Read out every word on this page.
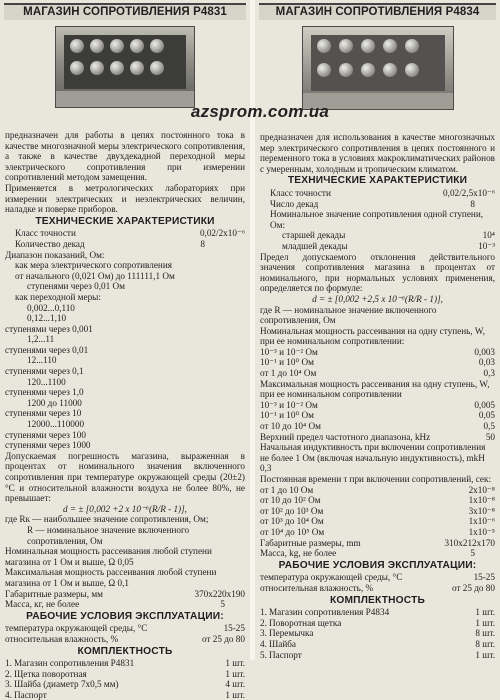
МАГАЗИН СОПРОТИВЛЕНИЯ Р4831
предназначен для работы в цепях постоянного тока в качестве многозначной меры электрического сопротивления, а также в качестве двухдекадной переходной меры электрического сопротивления при измерении сопротивлений методом замещения.
Применяется в метрологических лабораториях при измерении электрических и неэлектрических величин, наладке и поверке приборов.
ТЕХНИЧЕСКИЕ ХАРАКТЕРИСТИКИ
Класс точности	0,02/2x10⁻⁶
Количество декад	8
Диапазон показаний, Ом:
как мера электрического сопротивления
от начального (0,021 Ом) до 111111,1 Ом
ступенями через 0,01 Ом
как переходной меры:
0,002...0,110
0,12...1,10
ступенями через 0,001
1,2...11
ступенями через 0,01
12...110
ступенями через 0,1
120...1100
ступенями через 1,0
1200 до 11000
ступенями через 10
12000...110000
ступенями через 100
ступенями через 1000
Допускаемая погрешность магазина, выраженная в процентах от номинального значения включенного сопротивления при температуре окружающей среды (20±2) °С и относительной влажности воздуха не более 80%, не превышает:
d = ± [0,002 +2 x 10⁻⁶(R/R - 1)],
где Rк — наибольшее значение сопротивления, Ом;
R — номинальное значение включенного сопротивления, Ом
Номинальная мощность рассеивания любой ступени магазина от 1 Ом и выше, Ω 0,05
Максимальная мощность рассеивания любой ступени магазина от 1 Ом и выше, Ω 0,1
Габаритные размеры, мм	370x220x190
Масса, кг, не более	5
РАБОЧИЕ УСЛОВИЯ ЭКСПЛУАТАЦИИ:
температура окружающей среды, °С	15-25
относительная влажность, %	от 25 до 80
КОМПЛЕКТНОСТЬ
1.	Магазин сопротивления Р4831	1 шт.
2.	Щетка поворотная	1 шт.
3.	Шайба (диаметр 7x0,5 мм)	4 шт.
4.	Паспорт	1 шт.
МАГАЗИН СОПРОТИВЛЕНИЯ Р4834
предназначен для использования в качестве многозначных мер электрического сопротивления в цепях постоянного и переменного тока в условиях макроклиматических районов с умеренным, холодным и тропическим климатом.
ТЕХНИЧЕСКИЕ ХАРАКТЕРИСТИКИ
Класс точности	0,02/2,5x10⁻⁶
Число декад	8
Номинальное значение сопротивления одной ступени, Ом:
старшей декады	10⁴
младшей декады	10⁻³
Предел допускаемого отклонения действительного значения сопротивления магазина в процентах от номинального, при нормальных условиях применения, определяется по формуле:
d = ± [0,002 +2,5 x 10⁻⁶(R/R - 1)],
где R — номинальное значение включенного сопротивления, Ом
Номинальная мощность рассеивания на одну ступень, W, при ее номинальном сопротивлении:
10⁻³ и 10⁻² Ом	0,003
10⁻¹ и 10⁰ Ом	0,03
от 1 до 10⁴ Ом	0,3
Максимальная мощность рассеивания на одну ступень, W, при ее номинальном сопротивлении
10⁻³ и 10⁻² Ом	0,005
10⁻¹ и 10⁰ Ом	0,05
от 10 до 10⁴ Ом	0,5
Верхний предел частотного диапазона, kHz	50
Начальная индуктивность при включении сопротивления не более 1 Ом (включая начальную индуктивность), mkH 0,3
Постоянная времени τ при включении сопротивлений, сек:
от 1 до 10 Ом	2x10⁻⁸
от 10 до 10² Ом	1x10⁻⁸
от 10² до 10³ Ом	3x10⁻⁸
от 10³ до 10⁴ Ом	1x10⁻⁶
от 10⁴ до 10⁵ Ом	1x10⁻⁵
Габаритные размеры, mm	310x212x170
Масса, kg, не более	5
РАБОЧИЕ УСЛОВИЯ ЭКСПЛУАТАЦИИ:
температура окружающей среды, °С	15-25
относительная влажность, %	от 25 до 80
КОМПЛЕКТНОСТЬ
1.	Магазин сопротивления Р4834	1 шт.
2.	Поворотная щетка	1 шт.
3.	Перемычка	8 шт.
4.	Шайба	8 шт.
5.	Паспорт	1 шт.
azsprom.com.ua
